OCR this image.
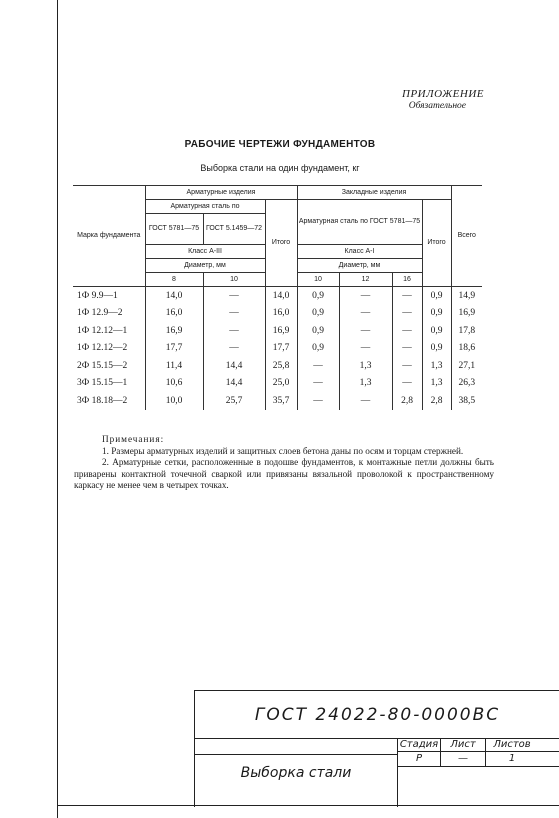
ПРИЛОЖЕНИЕ
Обязательное
РАБОЧИЕ ЧЕРТЕЖИ ФУНДАМЕНТОВ
Выборка стали на один фундамент, кг
Марка фундамента	Арматурные изделия			Закладные изделия				Всего
	Арматурная сталь по		Итого	Арматурная сталь по ГОСТ 5781—75			Итого	
	ГОСТ 5781—75	ГОСТ 5.1459—72						
	Класс А-III			Класс А-I				
	Диаметр, мм			Диаметр, мм				
	8	10		10	12	16		
1Ф 9.9—1	14,0	—	14,0	0,9	—	—	0,9	14,9
1Ф 12.9—2	16,0	—	16,0	0,9	—	—	0,9	16,9
1Ф 12.12—1	16,9	—	16,9	0,9	—	—	0,9	17,8
1Ф 12.12—2	17,7	—	17,7	0,9	—	—	0,9	18,6
2Ф 15.15—2	11,4	14,4	25,8	—	1,3	—	1,3	27,1
3Ф 15.15—1	10,6	14,4	25,0	—	1,3	—	1,3	26,3
3Ф 18.18—2	10,0	25,7	35,7	—	—	2,8	2,8	38,5
Примечания:
1. Размеры арматурных изделий и защитных слоев бетона даны по осям и торцам стержней.
2. Арматурные сетки, расположенные в подошве фундаментов, к монтажные петли должны быть приварены контактной точечной сваркой или привязаны вязальной проволокой к пространственному каркасу не менее чем в четырех точках.
ГОСТ 24022-80-0000ВС
Выборка стали
Стадия	Лист	Листов
Р	—	1
